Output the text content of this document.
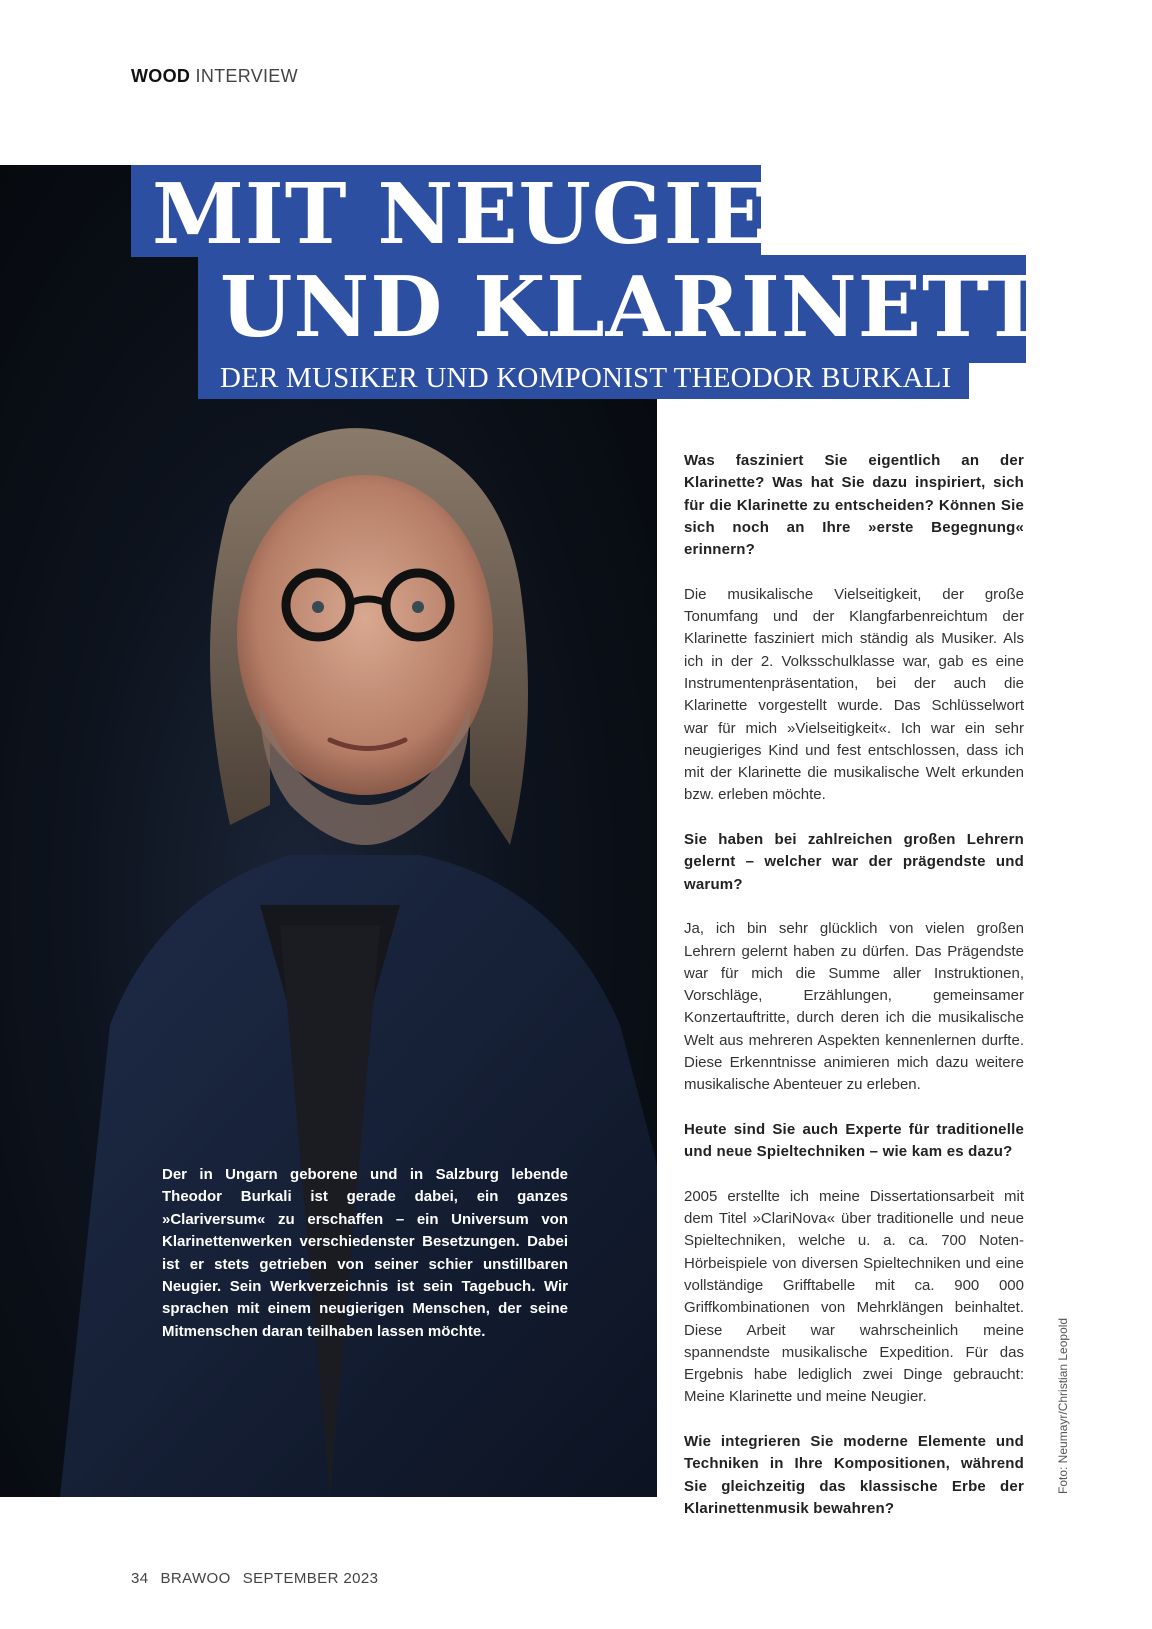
WOOD INTERVIEW
MIT NEUGIER
UND KLARINETTE
DER MUSIKER UND KOMPONIST THEODOR BURKALI
Der in Ungarn geborene und in Salzburg lebende Theodor Burkali ist gerade dabei, ein ganzes »Clariversum« zu erschaffen – ein Universum von Klarinettenwerken verschiedenster Besetzungen. Dabei ist er stets getrieben von seiner schier unstillbaren Neugier. Sein Werkverzeichnis ist sein Tagebuch. Wir sprachen mit einem neugierigen Menschen, der seine Mitmenschen daran teilhaben lassen möchte.

Was fasziniert Sie eigentlich an der Klarinette? Was hat Sie dazu inspiriert, sich für die Klarinette zu entscheiden? Können Sie sich noch an Ihre »erste Begegnung« erinnern?

Die musikalische Vielseitigkeit, der große Tonumfang und der Klangfarbenreichtum der Klarinette fasziniert mich ständig als Musiker. Als ich in der 2. Volksschulklasse war, gab es eine Instrumentenpräsentation, bei der auch die Klarinette vorgestellt wurde. Das Schlüsselwort war für mich »Vielseitigkeit«. Ich war ein sehr neugieriges Kind und fest entschlossen, dass ich mit der Klarinette die musikalische Welt erkunden bzw. erleben möchte.

Sie haben bei zahlreichen großen Lehrern gelernt – welcher war der prägendste und warum?

Ja, ich bin sehr glücklich von vielen großen Lehrern gelernt haben zu dürfen. Das Prägendste war für mich die Summe aller Instruktionen, Vorschläge, Erzählungen, gemeinsamer Konzertauftritte, durch deren ich die musikalische Welt aus mehreren Aspekten kennenlernen durfte. Diese Erkenntnisse animieren mich dazu weitere musikalische Abenteuer zu erleben.

Heute sind Sie auch Experte für traditionelle und neue Spieltechniken – wie kam es dazu?

2005 erstellte ich meine Dissertationsarbeit mit dem Titel »ClariNova« über traditionelle und neue Spieltechniken, welche u. a. ca. 700 Noten-Hörbeispiele von diversen Spieltechniken und eine vollständige Grifftabelle mit ca. 900 000 Griffkombinationen von Mehrklängen beinhaltet. Diese Arbeit war wahrscheinlich meine spannendste musikalische Expedition. Für das Ergebnis habe lediglich zwei Dinge gebraucht: Meine Klarinette und meine Neugier.

Wie integrieren Sie moderne Elemente und Techniken in Ihre Kompositionen, während Sie gleichzeitig das klassische Erbe der Klarinettenmusik bewahren?

Foto: Neumayr/Christian Leopold
34 BRAWOO SEPTEMBER 2023
